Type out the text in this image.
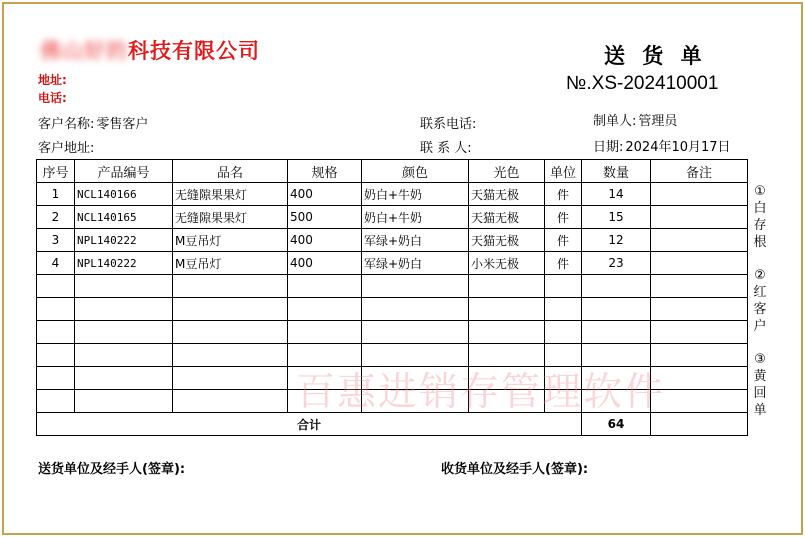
佛山好的科技有限公司
地址:
电话:
送 货 单
№.XS-202410001
客户名称: 零售客户	联系电话:	制单人: 管理员
客户地址:	联 系 人:	日期: 2024年10月17日
序号	产品编号	品名	规格	颜色	光色	单位	数量	备注
1	NCL140166	无缝隙果果灯	400	奶白+牛奶	天猫无极	件	14	
2	NCL140165	无缝隙果果灯	500	奶白+牛奶	天猫无极	件	15	
3	NPL140222	M豆吊灯	400	军绿+奶白	天猫无极	件	12	
4	NPL140222	M豆吊灯	400	军绿+奶白	小米无极	件	23	

合计							64	
①白存根
②红客户
③黄回单
百惠进销存管理软件
送货单位及经手人(签章):	收货单位及经手人(签章):
